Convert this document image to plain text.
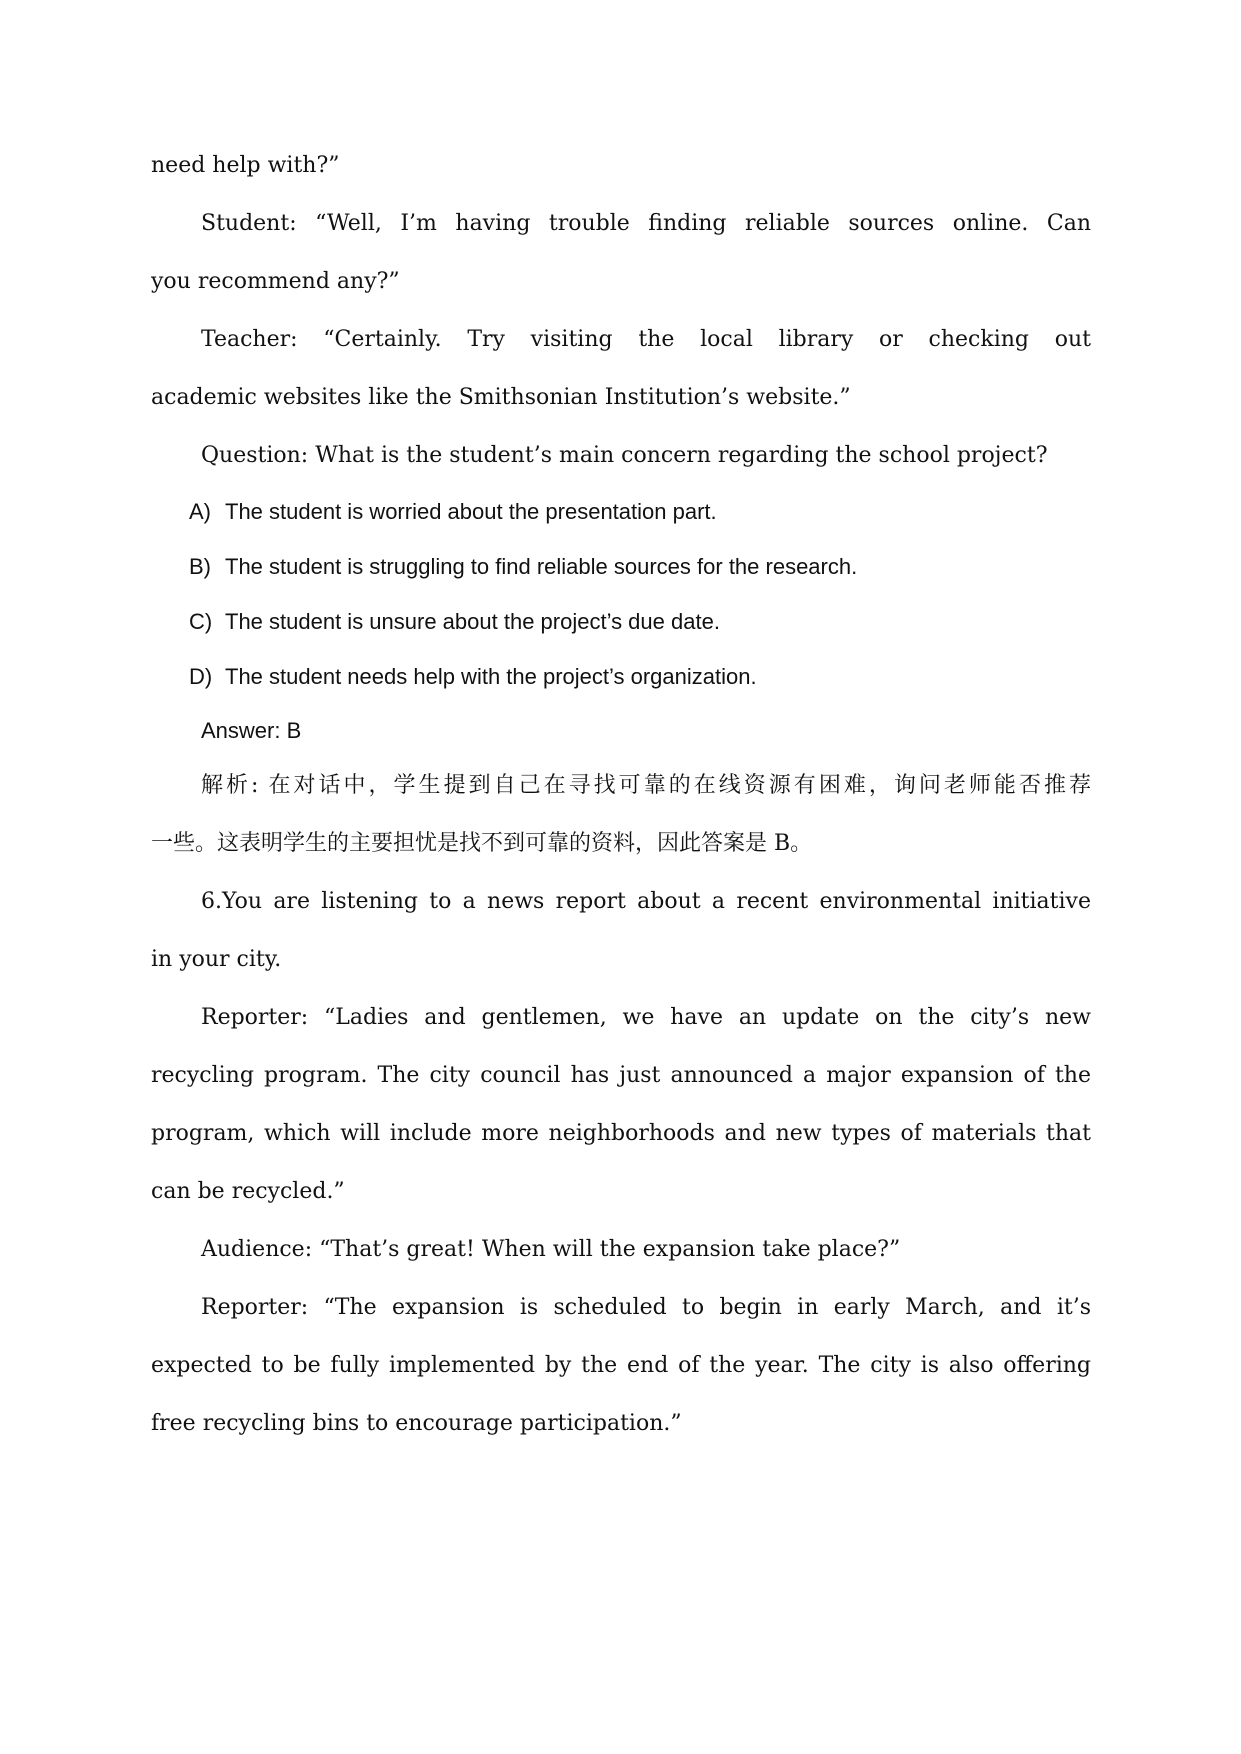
need help with?”
Student: “Well, I’m having trouble finding reliable sources online. Can
you recommend any?”
Teacher: “Certainly. Try visiting the local library or checking out
academic websites like the Smithsonian Institution’s website.”
Question: What is the student’s main concern regarding the school project?
A) The student is worried about the presentation part.
B) The student is struggling to find reliable sources for the research.
C) The student is unsure about the project’s due date.
D) The student needs help with the project’s organization.
Answer: B
解析: 在对话中，学生提到自己在寻找可靠的在线资源有困难，询问老师能否推荐
一些。这表明学生的主要担忧是找不到可靠的资料，因此答案是 B。
6.You are listening to a news report about a recent environmental initiative
in your city.
Reporter: “Ladies and gentlemen, we have an update on the city’s new
recycling program. The city council has just announced a major expansion of the
program, which will include more neighborhoods and new types of materials that
can be recycled.”
Audience: “That’s great! When will the expansion take place?”
Reporter: “The expansion is scheduled to begin in early March, and it’s
expected to be fully implemented by the end of the year. The city is also offering
free recycling bins to encourage participation.”
